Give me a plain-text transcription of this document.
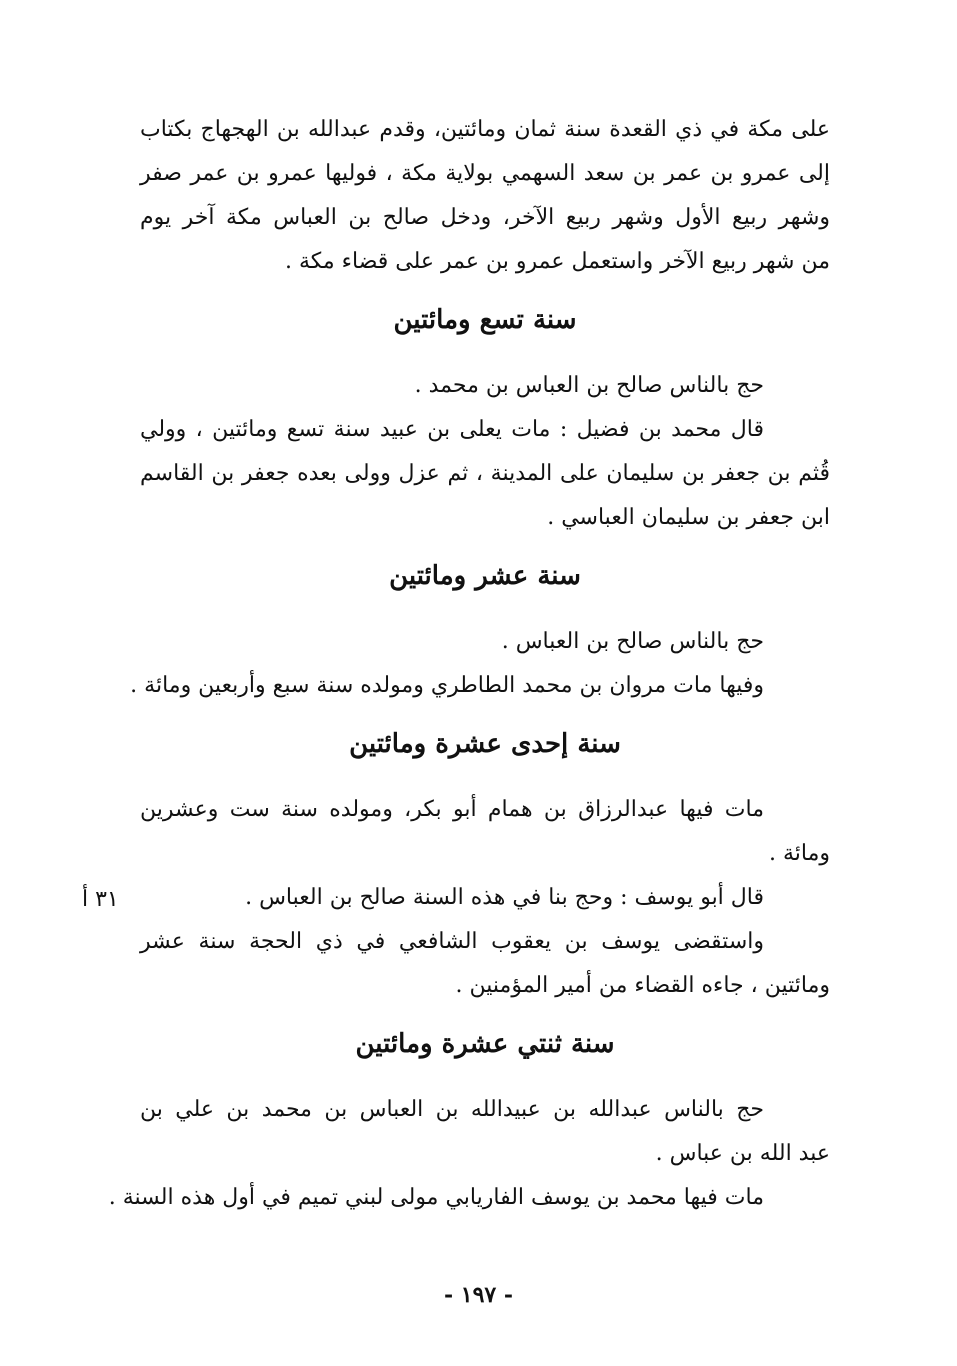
على مكة في ذي القعدة سنة ثمان ومائتين، وقدم عبدالله بن الهجهاج بكتاب
إلى عمرو بن عمر بن سعد السهمي بولاية مكة ، فوليها عمرو بن عمر صفر
وشهر ربيع الأول وشهر ربيع الآخر، ودخل صالح بن العباس مكة آخر يوم
من شهر ربيع الآخر واستعمل عمرو بن عمر على قضاء مكة .
سنة تسع ومائتين
حج بالناس صالح بن العباس بن محمد .
قال محمد بن فضيل : مات يعلى بن عبيد سنة تسع ومائتين ، وولي
قُثم بن جعفر بن سليمان على المدينة ، ثم عزل وولى بعده جعفر بن القاسم
ابن جعفر بن سليمان العباسي .
سنة عشر ومائتين
حج بالناس صالح بن العباس .
وفيها مات مروان بن محمد الطاطري ومولده سنة سبع وأربعين ومائة .
سنة إحدى عشرة ومائتين
مات فيها عبدالرزاق بن همام أبو بكر، ومولده سنة ست وعشرين
ومائة .
قال أبو يوسف : وحج بنا في هذه السنة صالح بن العباس .
واستقضى يوسف بن يعقوب الشافعي في ذي الحجة سنة عشر
ومائتين ، جاءه القضاء من أمير المؤمنين .
سنة ثنتي عشرة ومائتين
حج بالناس عبدالله بن عبيدالله بن العباس بن محمد بن علي بن
عبد الله بن عباس .
مات فيها محمد بن يوسف الفاريابي مولى لبني تميم في أول هذه السنة .
٣١ أ
- ١٩٧ -
